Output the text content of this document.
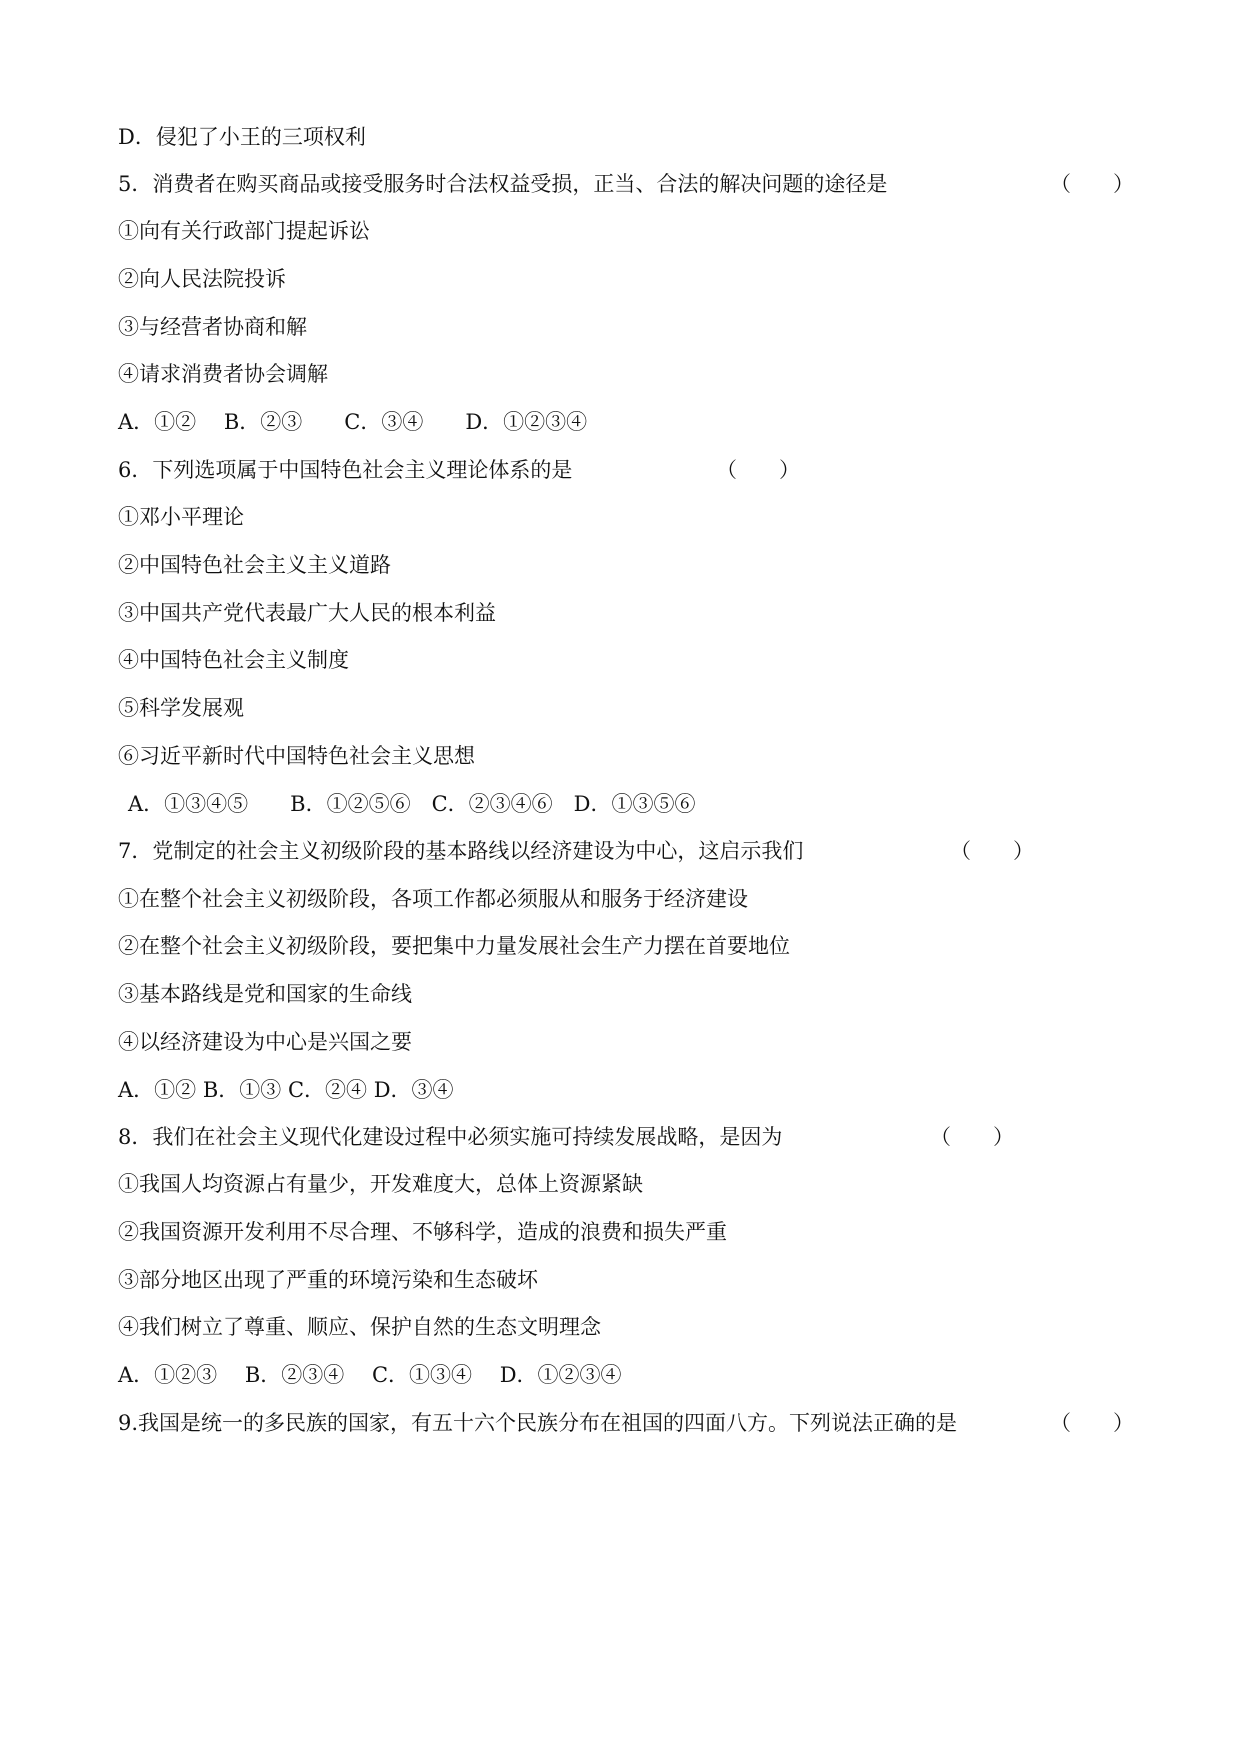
D．侵犯了小王的三项权利
5．消费者在购买商品或接受服务时合法权益受损，正当、合法的解决问题的途径是	（　　）
①向有关行政部门提起诉讼
②向人民法院投诉
③与经营者协商和解
④请求消费者协会调解
A．①②　 B．②③　　C．③④　　D．①②③④
6．下列选项属于中国特色社会主义理论体系的是	（　　）
①邓小平理论
②中国特色社会主义主义道路
③中国共产党代表最广大人民的根本利益
④中国特色社会主义制度
⑤科学发展观
⑥习近平新时代中国特色社会主义思想
A．①③④⑤　　B．①②⑤⑥　C．②③④⑥　D．①③⑤⑥
7．党制定的社会主义初级阶段的基本路线以经济建设为中心，这启示我们	（　　）
①在整个社会主义初级阶段，各项工作都必须服从和服务于经济建设
②在整个社会主义初级阶段，要把集中力量发展社会生产力摆在首要地位
③基本路线是党和国家的生命线
④以经济建设为中心是兴国之要
A．①② B．①③ C．②④ D．③④
8．我们在社会主义现代化建设过程中必须实施可持续发展战略，是因为	（　　）
①我国人均资源占有量少，开发难度大，总体上资源紧缺
②我国资源开发利用不尽合理、不够科学，造成的浪费和损失严重
③部分地区出现了严重的环境污染和生态破坏
④我们树立了尊重、顺应、保护自然的生态文明理念
A．①②③　 B．②③④　 C．①③④　 D．①②③④
9.我国是统一的多民族的国家，有五十六个民族分布在祖国的四面八方。下列说法正确的是	（　　）
